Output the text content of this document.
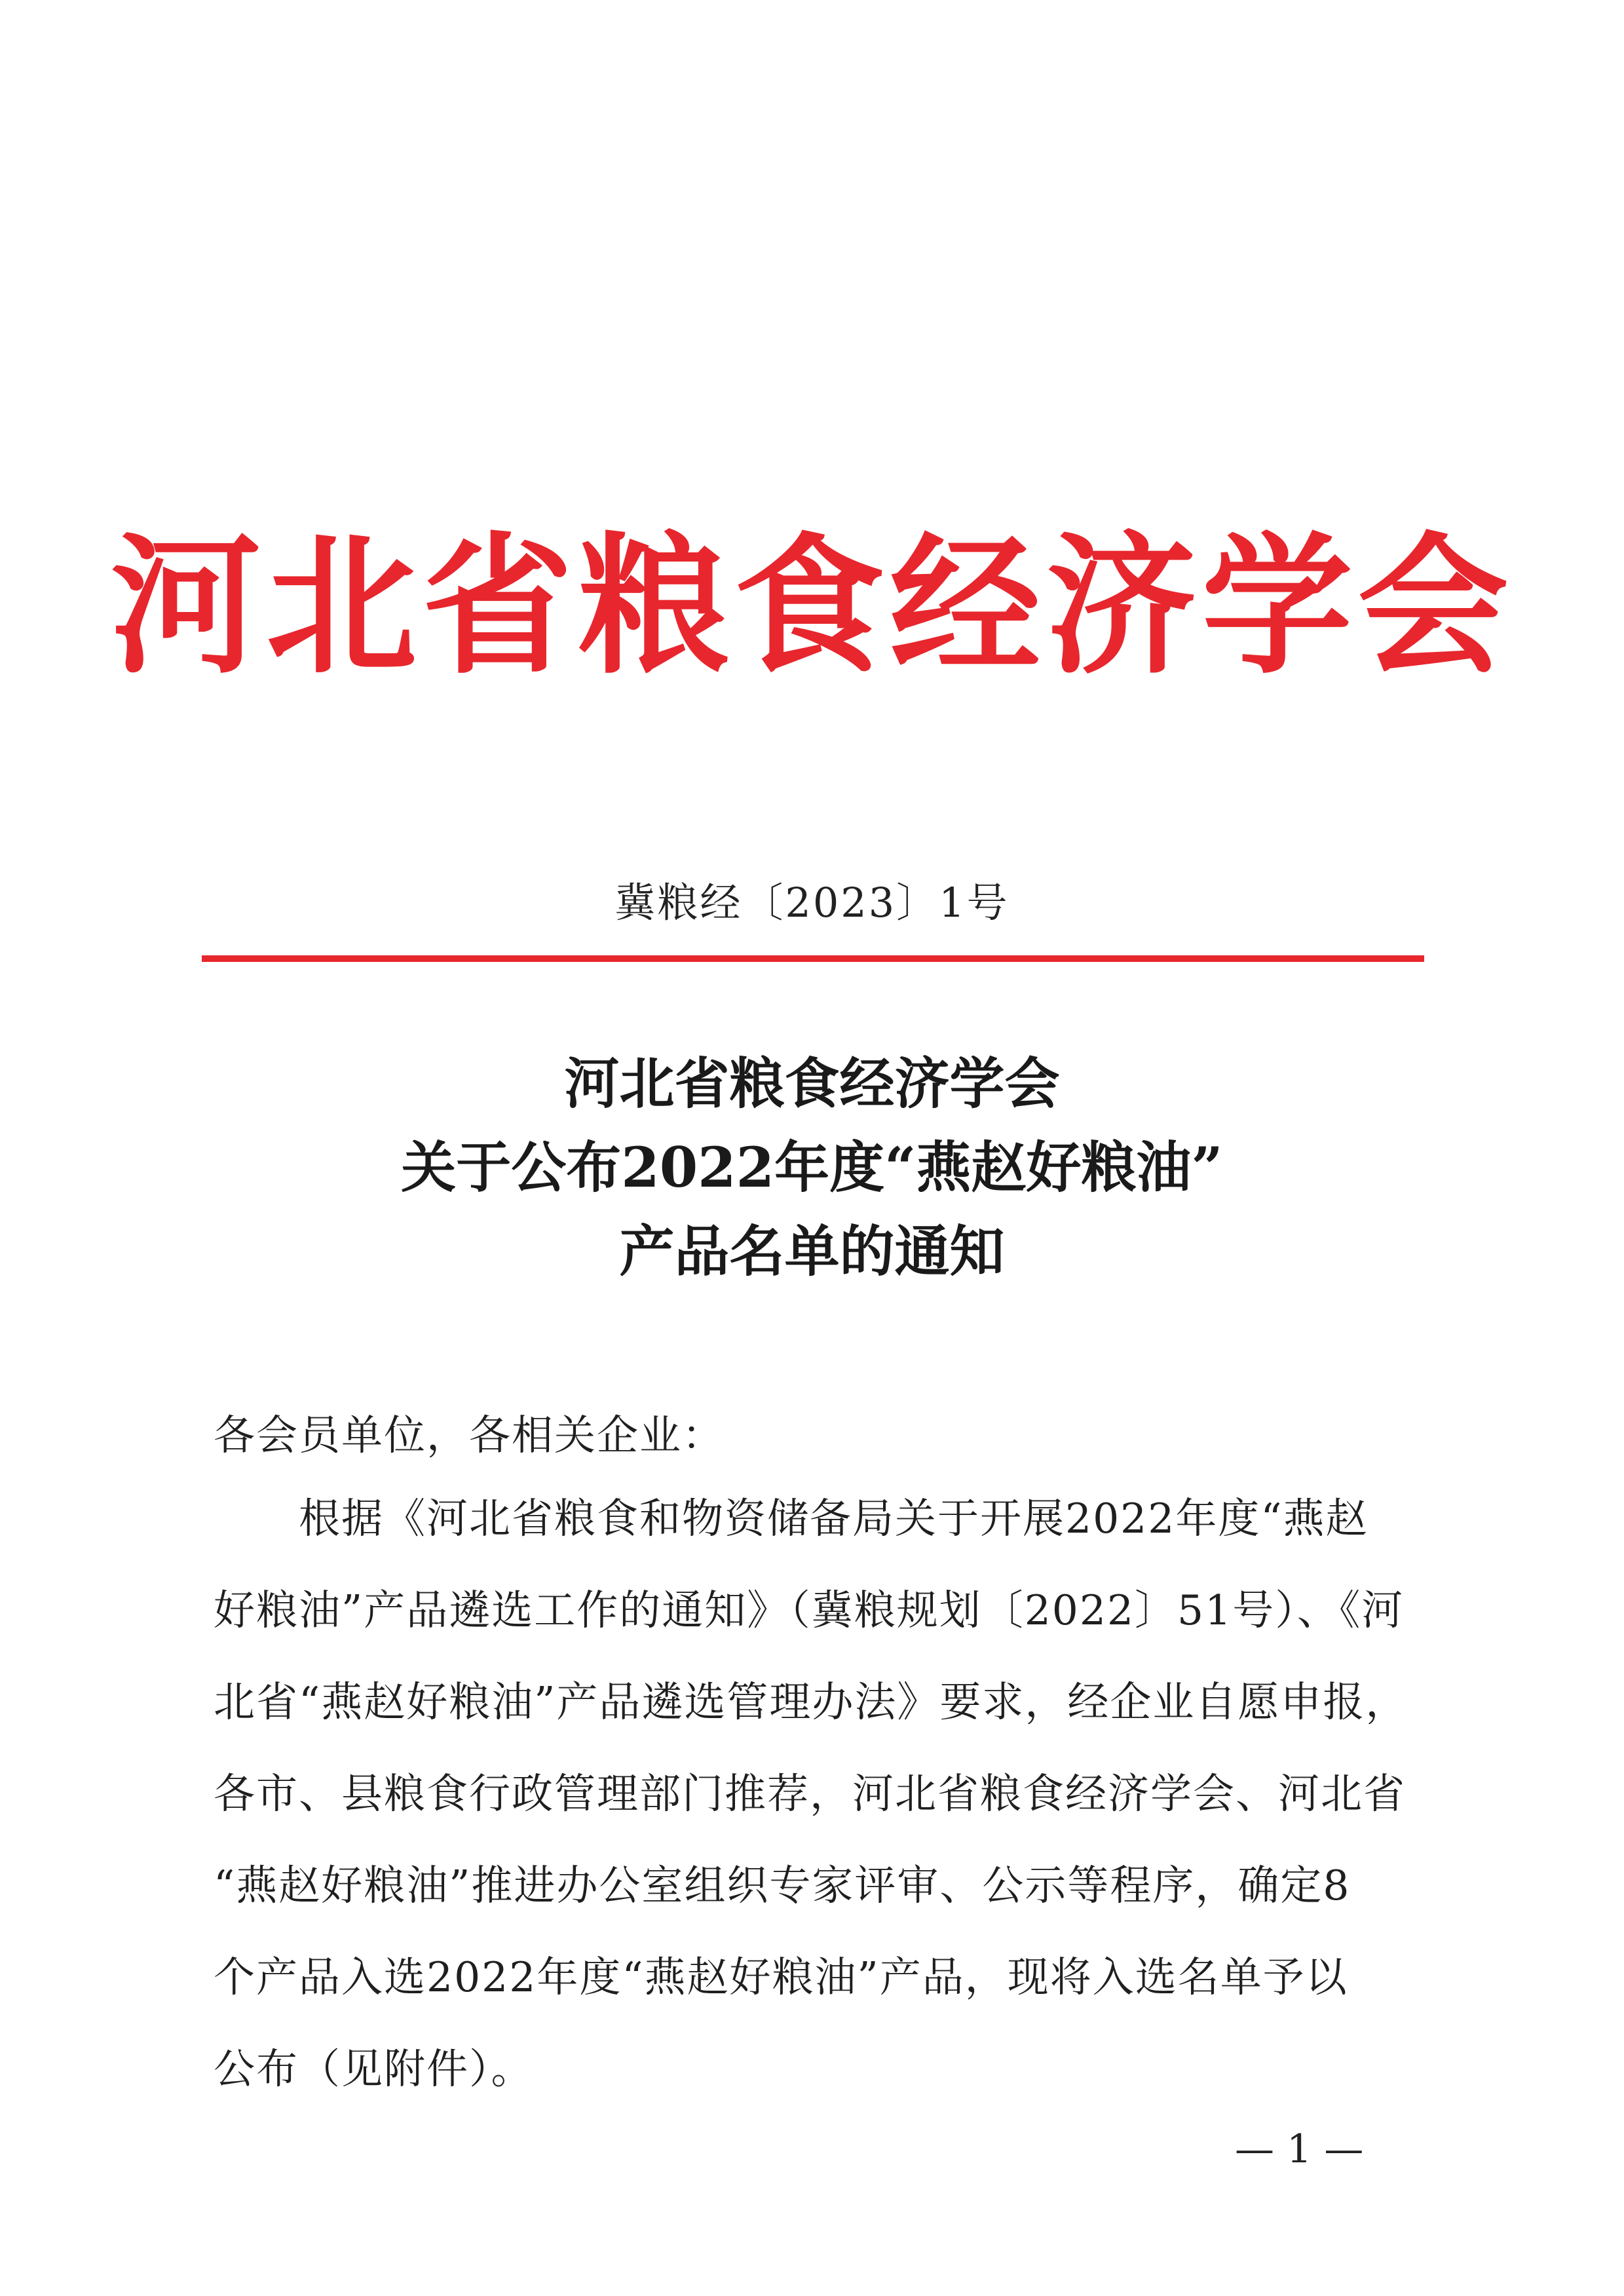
河北省粮食经济学会
冀粮经〔2023〕1号
河北省粮食经济学会
关于公布2022年度“燕赵好粮油”
产品名单的通知
各会员单位，各相关企业：
　　根据《河北省粮食和物资储备局关于开展2022年度“燕赵
好粮油”产品遴选工作的通知》（冀粮规划〔2022〕51号）、《河
北省“燕赵好粮油”产品遴选管理办法》要求，经企业自愿申报，
各市、县粮食行政管理部门推荐，河北省粮食经济学会、河北省
“燕赵好粮油”推进办公室组织专家评审、公示等程序，确定8
个产品入选2022年度“燕赵好粮油”产品，现将入选名单予以
公布（见附件）。
— 1 —
